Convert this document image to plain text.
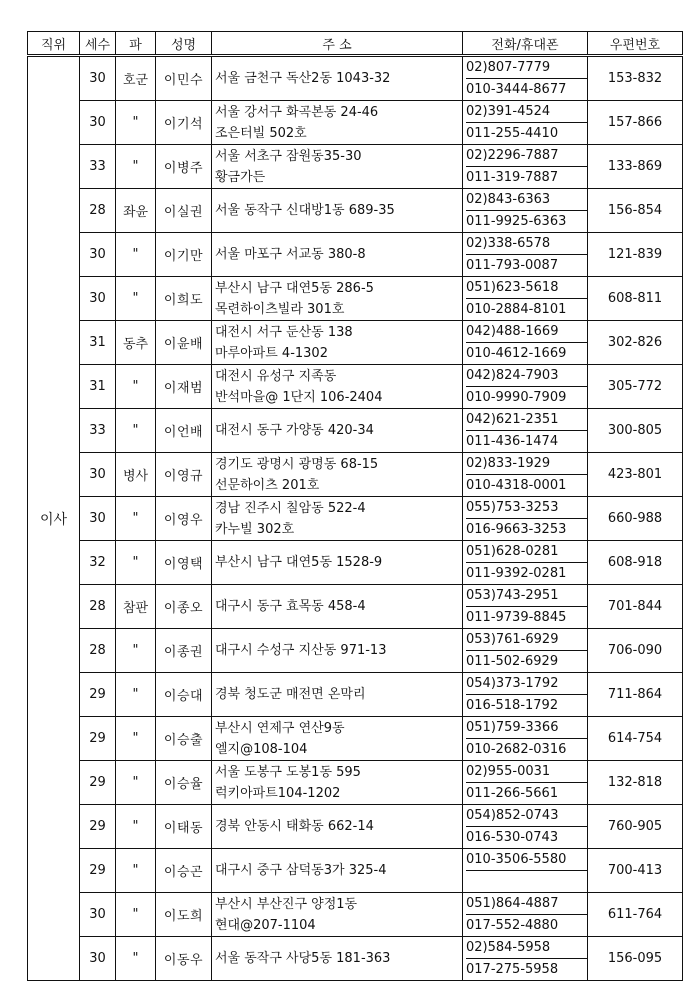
직위	세수	파	성명	주 소	전화/휴대폰	우편번호
이사	30	호군	이민수	서울 금천구 독산2동 1043-32	02)807-7779
010-3444-8677	153-832
	30	"	이기석	서울 강서구 화곡본동 24-46
조은터빌 502호	02)391-4524
011-255-4410	157-866
	33	"	이병주	서울 서초구 잠원동35-30
황금가든	02)2296-7887
011-319-7887	133-869
	28	좌윤	이실권	서울 동작구 신대방1동 689-35	02)843-6363
011-9925-6363	156-854
	30	"	이기만	서울 마포구 서교동 380-8	02)338-6578
011-793-0087	121-839
	30	"	이희도	부산시 남구 대연5동 286-5
목련하이츠빌라 301호	051)623-5618
010-2884-8101	608-811
	31	동추	이윤배	대전시 서구 둔산동 138
마루아파트 4-1302	042)488-1669
010-4612-1669	302-826
	31	"	이재범	대전시 유성구 지족동
반석마을@ 1단지 106-2404	042)824-7903
010-9990-7909	305-772
	33	"	이언배	대전시 동구 가양동 420-34	042)621-2351
011-436-1474	300-805
	30	병사	이영규	경기도 광명시 광명동 68-15
선문하이츠 201호	02)833-1929
010-4318-0001	423-801
	30	"	이영우	경남 진주시 칠암동 522-4
카누빌 302호	055)753-3253
016-9663-3253	660-988
	32	"	이영택	부산시 남구 대연5동 1528-9	051)628-0281
011-9392-0281	608-918
	28	참판	이종오	대구시 동구 효목동 458-4	053)743-2951
011-9739-8845	701-844
	28	"	이종권	대구시 수성구 지산동 971-13	053)761-6929
011-502-6929	706-090
	29	"	이승대	경북 청도군 매전면 온막리	054)373-1792
016-518-1792	711-864
	29	"	이승출	부산시 연제구 연산9동
엘지@108-104	051)759-3366
010-2682-0316	614-754
	29	"	이승율	서울 도봉구 도봉1동 595
럭키아파트104-1202	02)955-0031
011-266-5661	132-818
	29	"	이태동	경북 안동시 태화동 662-14	054)852-0743
016-530-0743	760-905
	29	"	이승곤	대구시 중구 삼덕동3가 325-4	010-3506-5580	700-413
	30	"	이도희	부산시 부산진구 양정1동
현대@207-1104	051)864-4887
017-552-4880	611-764
	30	"	이동우	서울 동작구 사당5동 181-363	02)584-5958
017-275-5958	156-095
